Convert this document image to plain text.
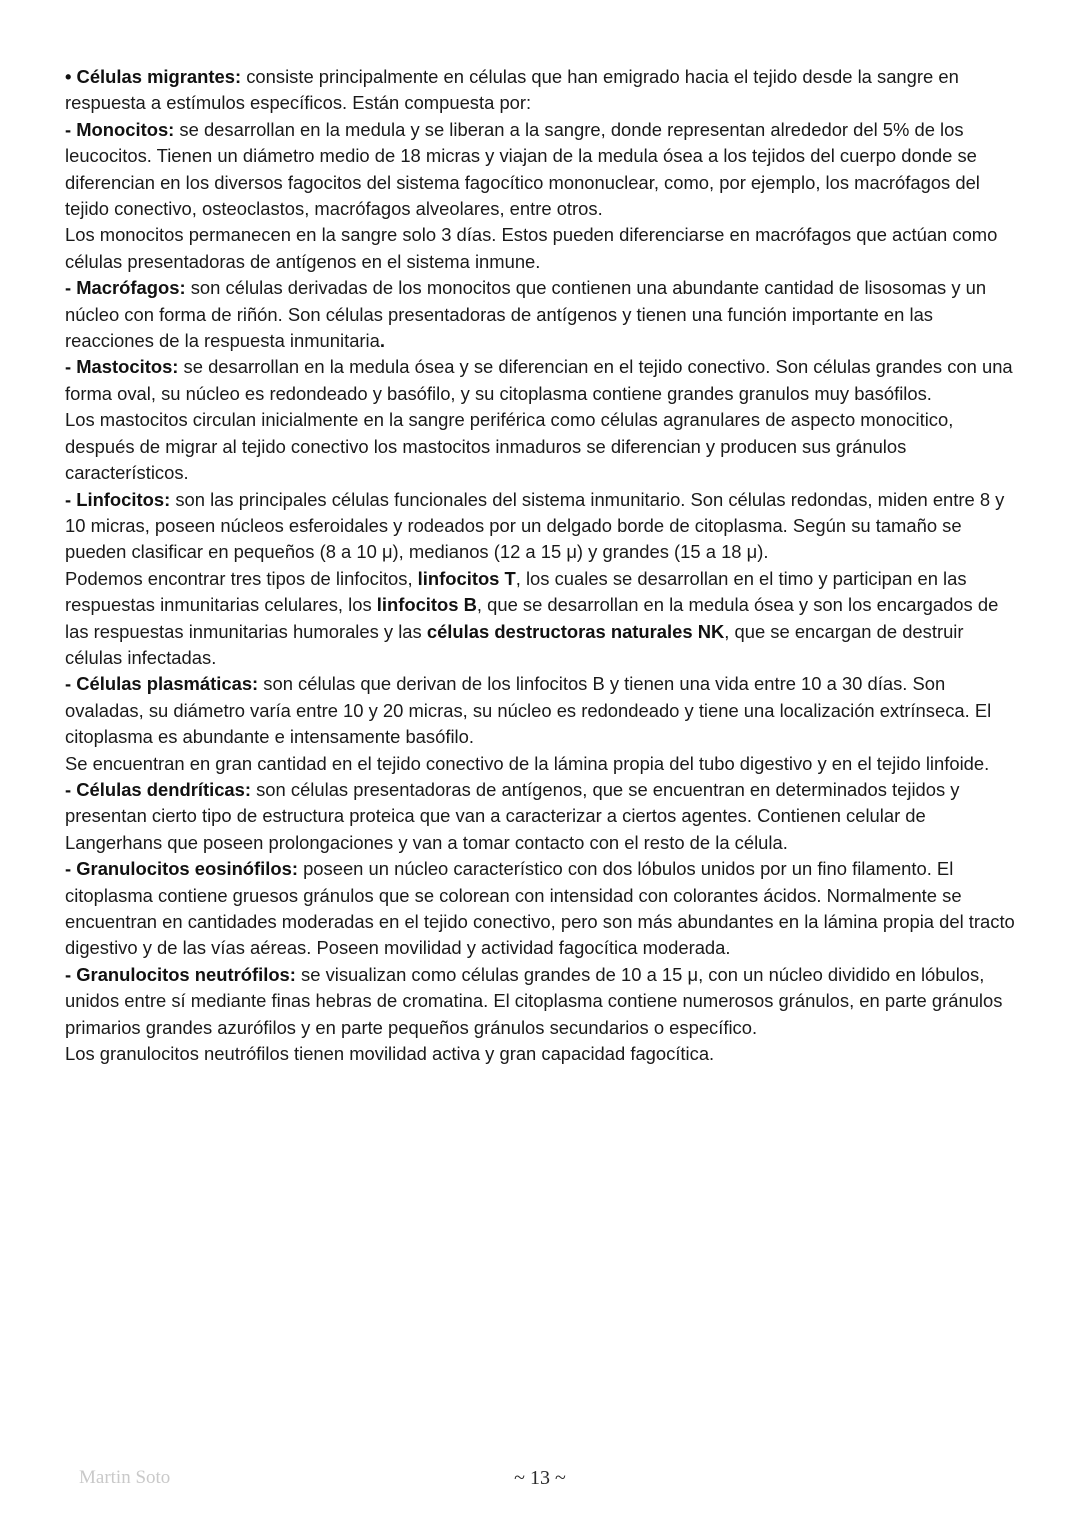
• Células migrantes: consiste principalmente en células que han emigrado hacia el tejido desde la sangre en respuesta a estímulos específicos. Están compuesta por:

- Monocitos: se desarrollan en la medula y se liberan a la sangre, donde representan alrededor del 5% de los leucocitos. Tienen un diámetro medio de 18 micras y viajan de la medula ósea a los tejidos del cuerpo donde se diferencian en los diversos fagocitos del sistema fagocítico mononuclear, como, por ejemplo, los macrófagos del tejido conectivo, osteoclastos, macrófagos alveolares, entre otros.

Los monocitos permanecen en la sangre solo 3 días. Estos pueden diferenciarse en macrófagos que actúan como células presentadoras de antígenos en el sistema inmune.

- Macrófagos: son células derivadas de los monocitos que contienen una abundante cantidad de lisosomas y un núcleo con forma de riñón. Son células presentadoras de antígenos y tienen una función importante en las reacciones de la respuesta inmunitaria.

- Mastocitos: se desarrollan en la medula ósea y se diferencian en el tejido conectivo. Son células grandes con una forma oval, su núcleo es redondeado y basófilo, y su citoplasma contiene grandes granulos muy basófilos.

Los mastocitos circulan inicialmente en la sangre periférica como células agranulares de aspecto monocitico, después de migrar al tejido conectivo los mastocitos inmaduros se diferencian y producen sus gránulos característicos.

- Linfocitos: son las principales células funcionales del sistema inmunitario. Son células redondas, miden entre 8 y 10 micras, poseen núcleos esferoidales y rodeados por un delgado borde de citoplasma. Según su tamaño se pueden clasificar en pequeños (8 a 10 μ), medianos (12 a 15 μ) y grandes (15 a 18 μ).

Podemos encontrar tres tipos de linfocitos, linfocitos T, los cuales se desarrollan en el timo y participan en las respuestas inmunitarias celulares, los linfocitos B, que se desarrollan en la medula ósea y son los encargados de las respuestas inmunitarias humorales y las células destructoras naturales NK, que se encargan de destruir células infectadas.

- Células plasmáticas: son células que derivan de los linfocitos B y tienen una vida entre 10 a 30 días. Son ovaladas, su diámetro varía entre 10 y 20 micras, su núcleo es redondeado y tiene una localización extrínseca. El citoplasma es abundante e intensamente basófilo.

Se encuentran en gran cantidad en el tejido conectivo de la lámina propia del tubo digestivo y en el tejido linfoide.

- Células dendríticas: son células presentadoras de antígenos, que se encuentran en determinados tejidos y presentan cierto tipo de estructura proteica que van a caracterizar a ciertos agentes. Contienen celular de Langerhans que poseen prolongaciones y van a tomar contacto con el resto de la célula.

- Granulocitos eosinófilos: poseen un núcleo característico con dos lóbulos unidos por un fino filamento. El citoplasma contiene gruesos gránulos que se colorean con intensidad con colorantes ácidos. Normalmente se encuentran en cantidades moderadas en el tejido conectivo, pero son más abundantes en la lámina propia del tracto digestivo y de las vías aéreas. Poseen movilidad y actividad fagocítica moderada.

- Granulocitos neutrófilos: se visualizan como células grandes de 10 a 15 μ, con un núcleo dividido en lóbulos, unidos entre sí mediante finas hebras de cromatina. El citoplasma contiene numerosos gránulos, en parte gránulos primarios grandes azurófilos y en parte pequeños gránulos secundarios o específico.

Los granulocitos neutrófilos tienen movilidad activa y gran capacidad fagocítica.

Martin Soto	~ 13 ~
